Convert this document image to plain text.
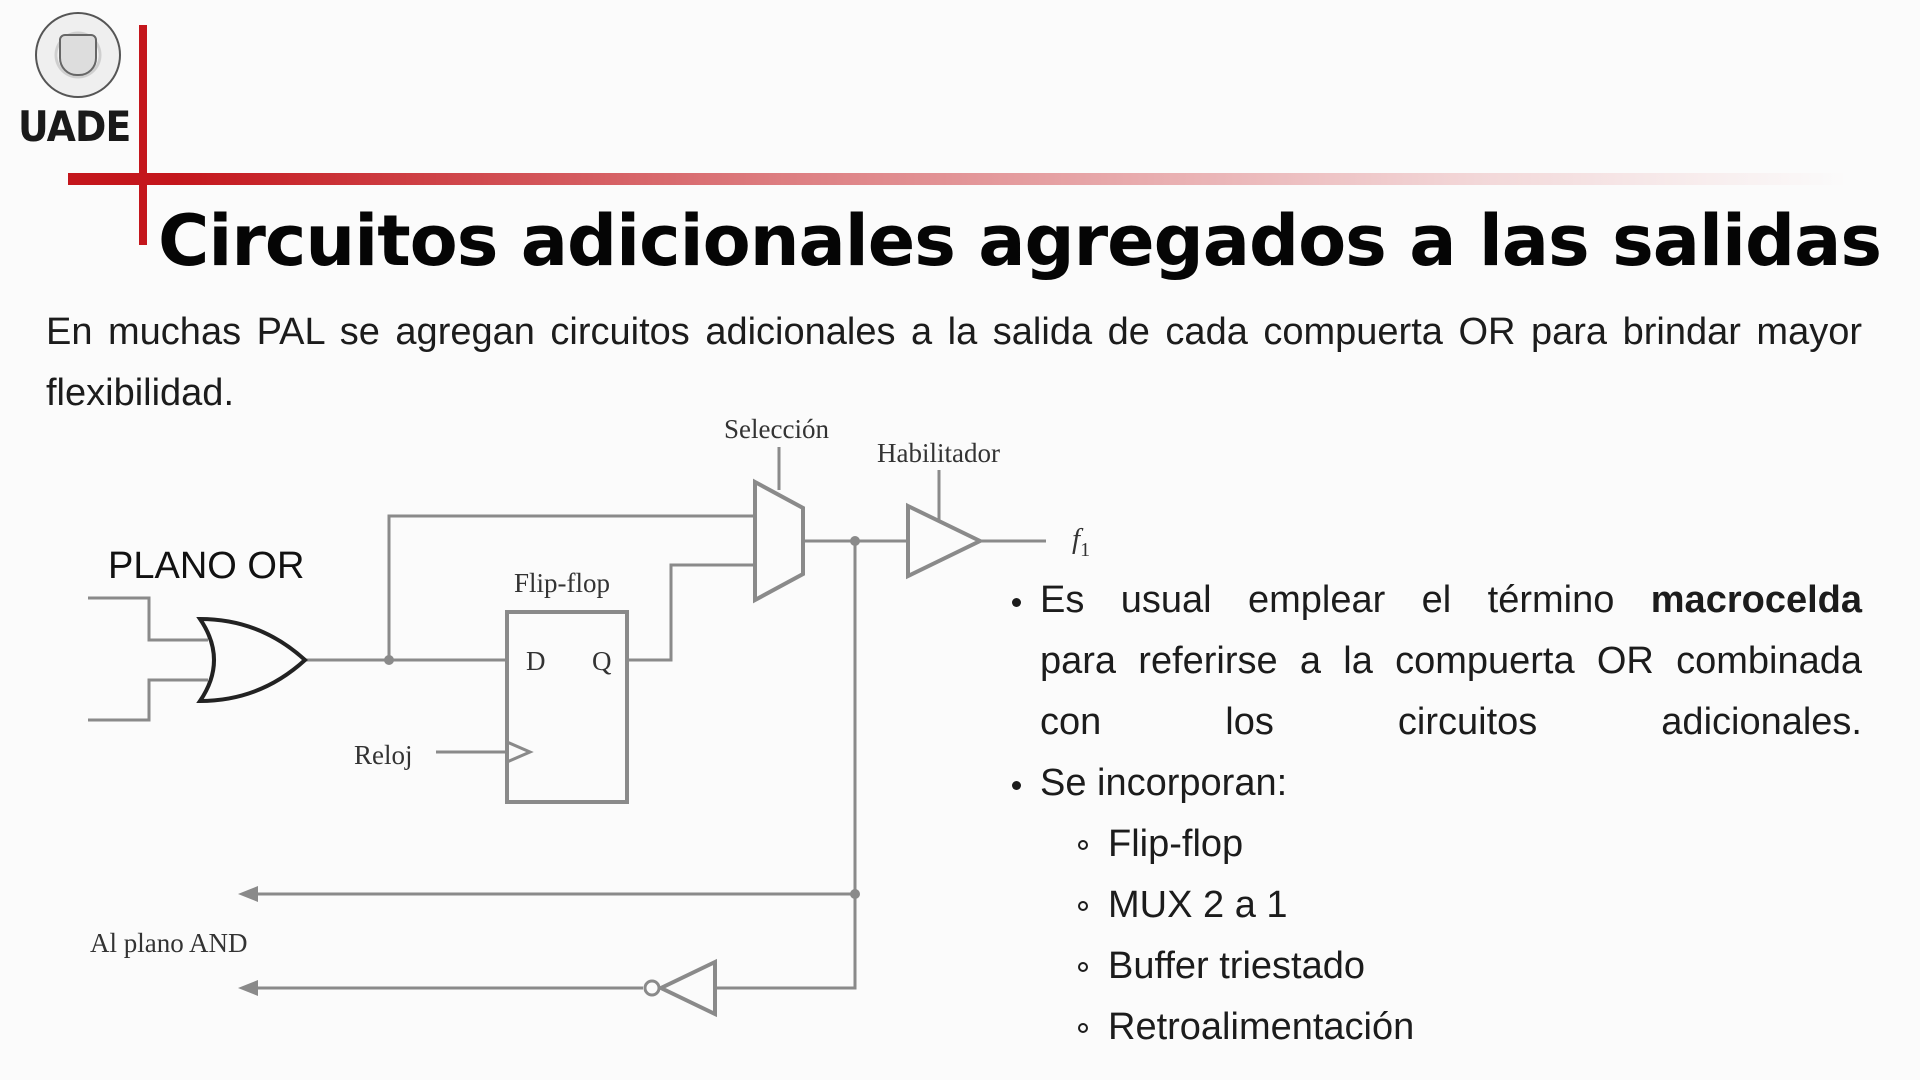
UADE
Circuitos adicionales agregados a las salidas

En muchas PAL se agregan circuitos adicionales a la salida de cada compuerta OR para brindar mayor flexibilidad.

PLANO OR	Flip-flop
D Q
Reloj
Selección
Habilitador
$f_1$
Al plano AND
Es usual emplear el término macrocelda
para referirse a la compuerta OR combinada con los circuitos adicionales.
Se incorporan:
Flip-flop
MUX 2 a 1
Buffer triestado
Retroalimentación
